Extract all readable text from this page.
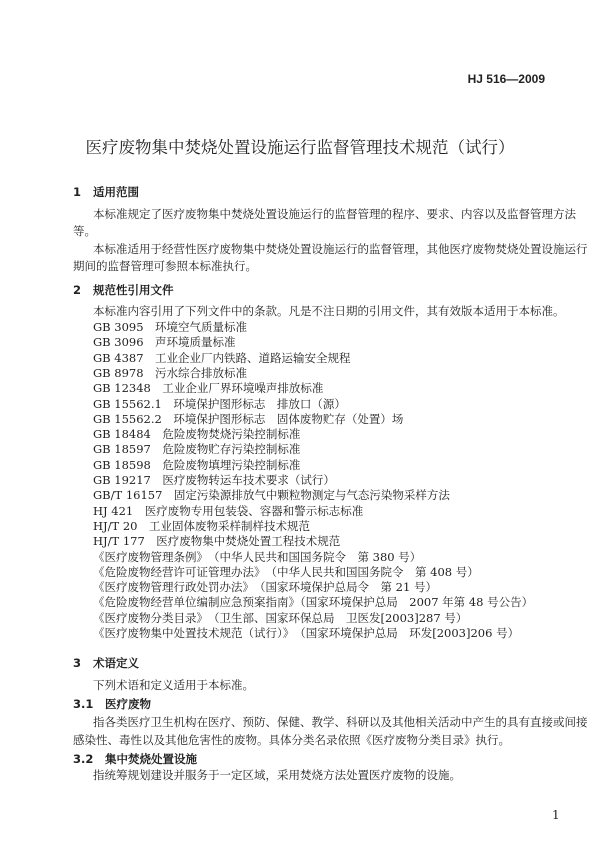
HJ 516—2009
医疗废物集中焚烧处置设施运行监督管理技术规范（试行）
1 适用范围
本标准规定了医疗废物集中焚烧处置设施运行的监督管理的程序、要求、内容以及监督管理方法
等。
本标准适用于经营性医疗废物集中焚烧处置设施运行的监督管理，其他医疗废物焚烧处置设施运行
期间的监督管理可参照本标准执行。
2 规范性引用文件
本标准内容引用了下列文件中的条款。凡是不注日期的引用文件，其有效版本适用于本标准。
GB 3095　环境空气质量标准
GB 3096　声环境质量标准
GB 4387　工业企业厂内铁路、道路运输安全规程
GB 8978　污水综合排放标准
GB 12348　工业企业厂界环境噪声排放标准
GB 15562.1　环境保护图形标志　排放口（源）
GB 15562.2　环境保护图形标志　固体废物贮存（处置）场
GB 18484　危险废物焚烧污染控制标准
GB 18597　危险废物贮存污染控制标准
GB 18598　危险废物填埋污染控制标准
GB 19217　医疗废物转运车技术要求（试行）
GB/T 16157　固定污染源排放气中颗粒物测定与气态污染物采样方法
HJ 421　医疗废物专用包装袋、容器和警示标志标准
HJ/T 20　工业固体废物采样制样技术规范
HJ/T 177　医疗废物集中焚烧处置工程技术规范
《医疗废物管理条例》　（中华人民共和国国务院令　第 380 号）
《危险废物经营许可证管理办法》　（中华人民共和国国务院令　第 408 号）
《医疗废物管理行政处罚办法》　（国家环境保护总局令　第 21 号）
《危险废物经营单位编制应急预案指南》（国家环境保护总局　2007 年第 48 号公告）
《医疗废物分类目录》　（卫生部、国家环保总局　卫医发[2003]287 号）
《医疗废物集中处置技术规范（试行）》　（国家环境保护总局　环发[2003]206 号）
3 术语定义
下列术语和定义适用于本标准。
3.1 医疗废物
指各类医疗卫生机构在医疗、预防、保健、教学、科研以及其他相关活动中产生的具有直接或间接
感染性、毒性以及其他危害性的废物。具体分类名录依照《医疗废物分类目录》执行。
3.2 集中焚烧处置设施
指统筹规划建设并服务于一定区域，采用焚烧方法处置医疗废物的设施。
1
